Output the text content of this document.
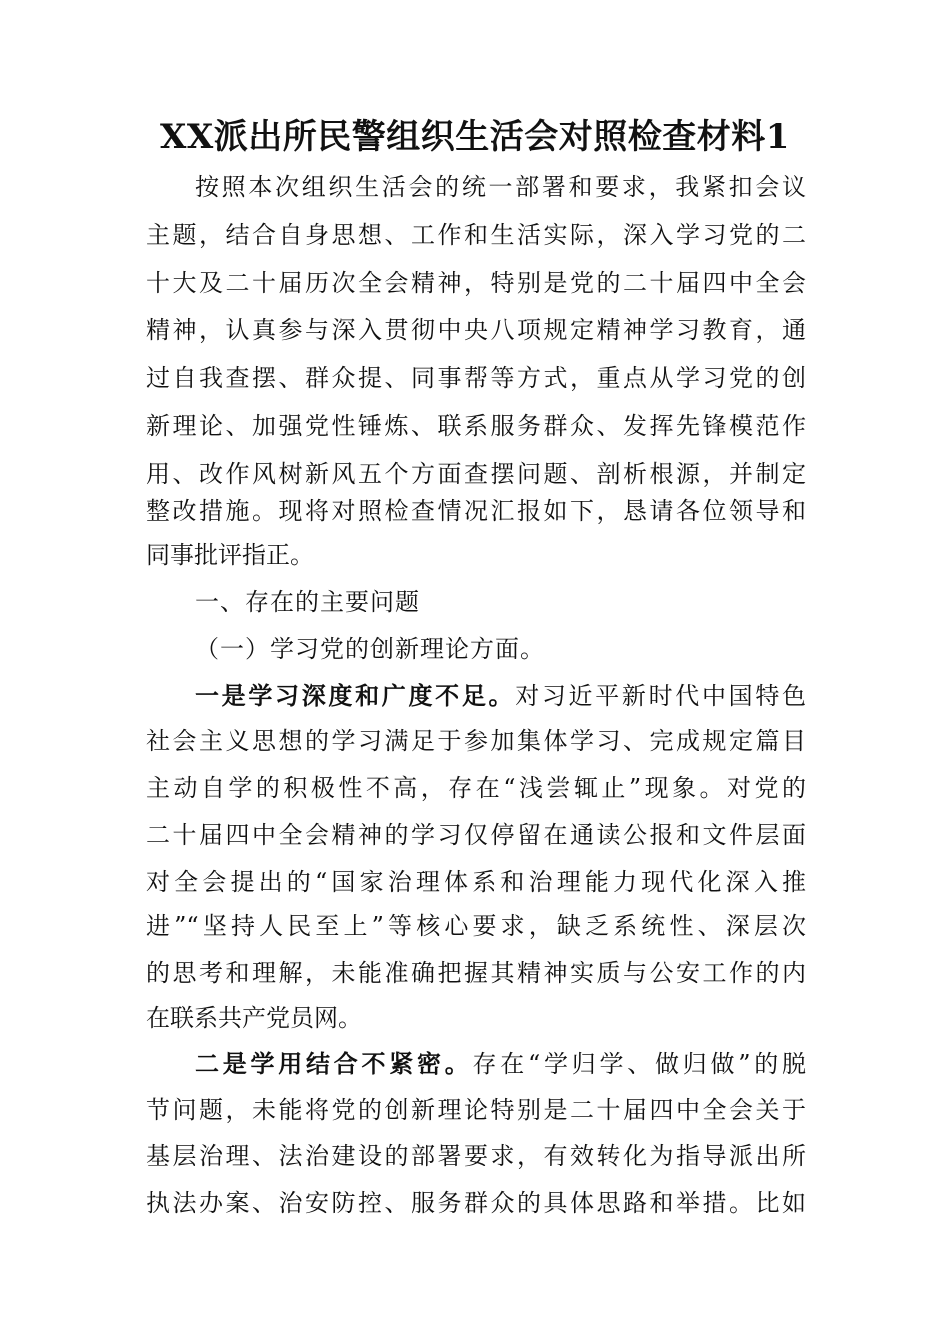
XX派出所民警组织生活会对照检查材料1
按照本次组织生活会的统一部署和要求，我紧扣会议
主题，结合自身思想、工作和生活实际，深入学习党的二
十大及二十届历次全会精神，特别是党的二十届四中全会
精神，认真参与深入贯彻中央八项规定精神学习教育，通
过自我查摆、群众提、同事帮等方式，重点从学习党的创
新理论、加强党性锤炼、联系服务群众、发挥先锋模范作
用、改作风树新风五个方面查摆问题、剖析根源，并制定
整改措施。现将对照检查情况汇报如下，恳请各位领导和
同事批评指正。
一、存在的主要问题
（一）学习党的创新理论方面。
一是学习深度和广度不足。对习近平新时代中国特色
社会主义思想的学习满足于参加集体学习、完成规定篇目
主动自学的积极性不高，存在“浅尝辄止”现象。对党的
二十届四中全会精神的学习仅停留在通读公报和文件层面
对全会提出的“国家治理体系和治理能力现代化深入推
进”“坚持人民至上”等核心要求，缺乏系统性、深层次
的思考和理解，未能准确把握其精神实质与公安工作的内
在联系共产党员网。
二是学用结合不紧密。存在“学归学、做归做”的脱
节问题，未能将党的创新理论特别是二十届四中全会关于
基层治理、法治建设的部署要求，有效转化为指导派出所
执法办案、治安防控、服务群众的具体思路和举措。比如
